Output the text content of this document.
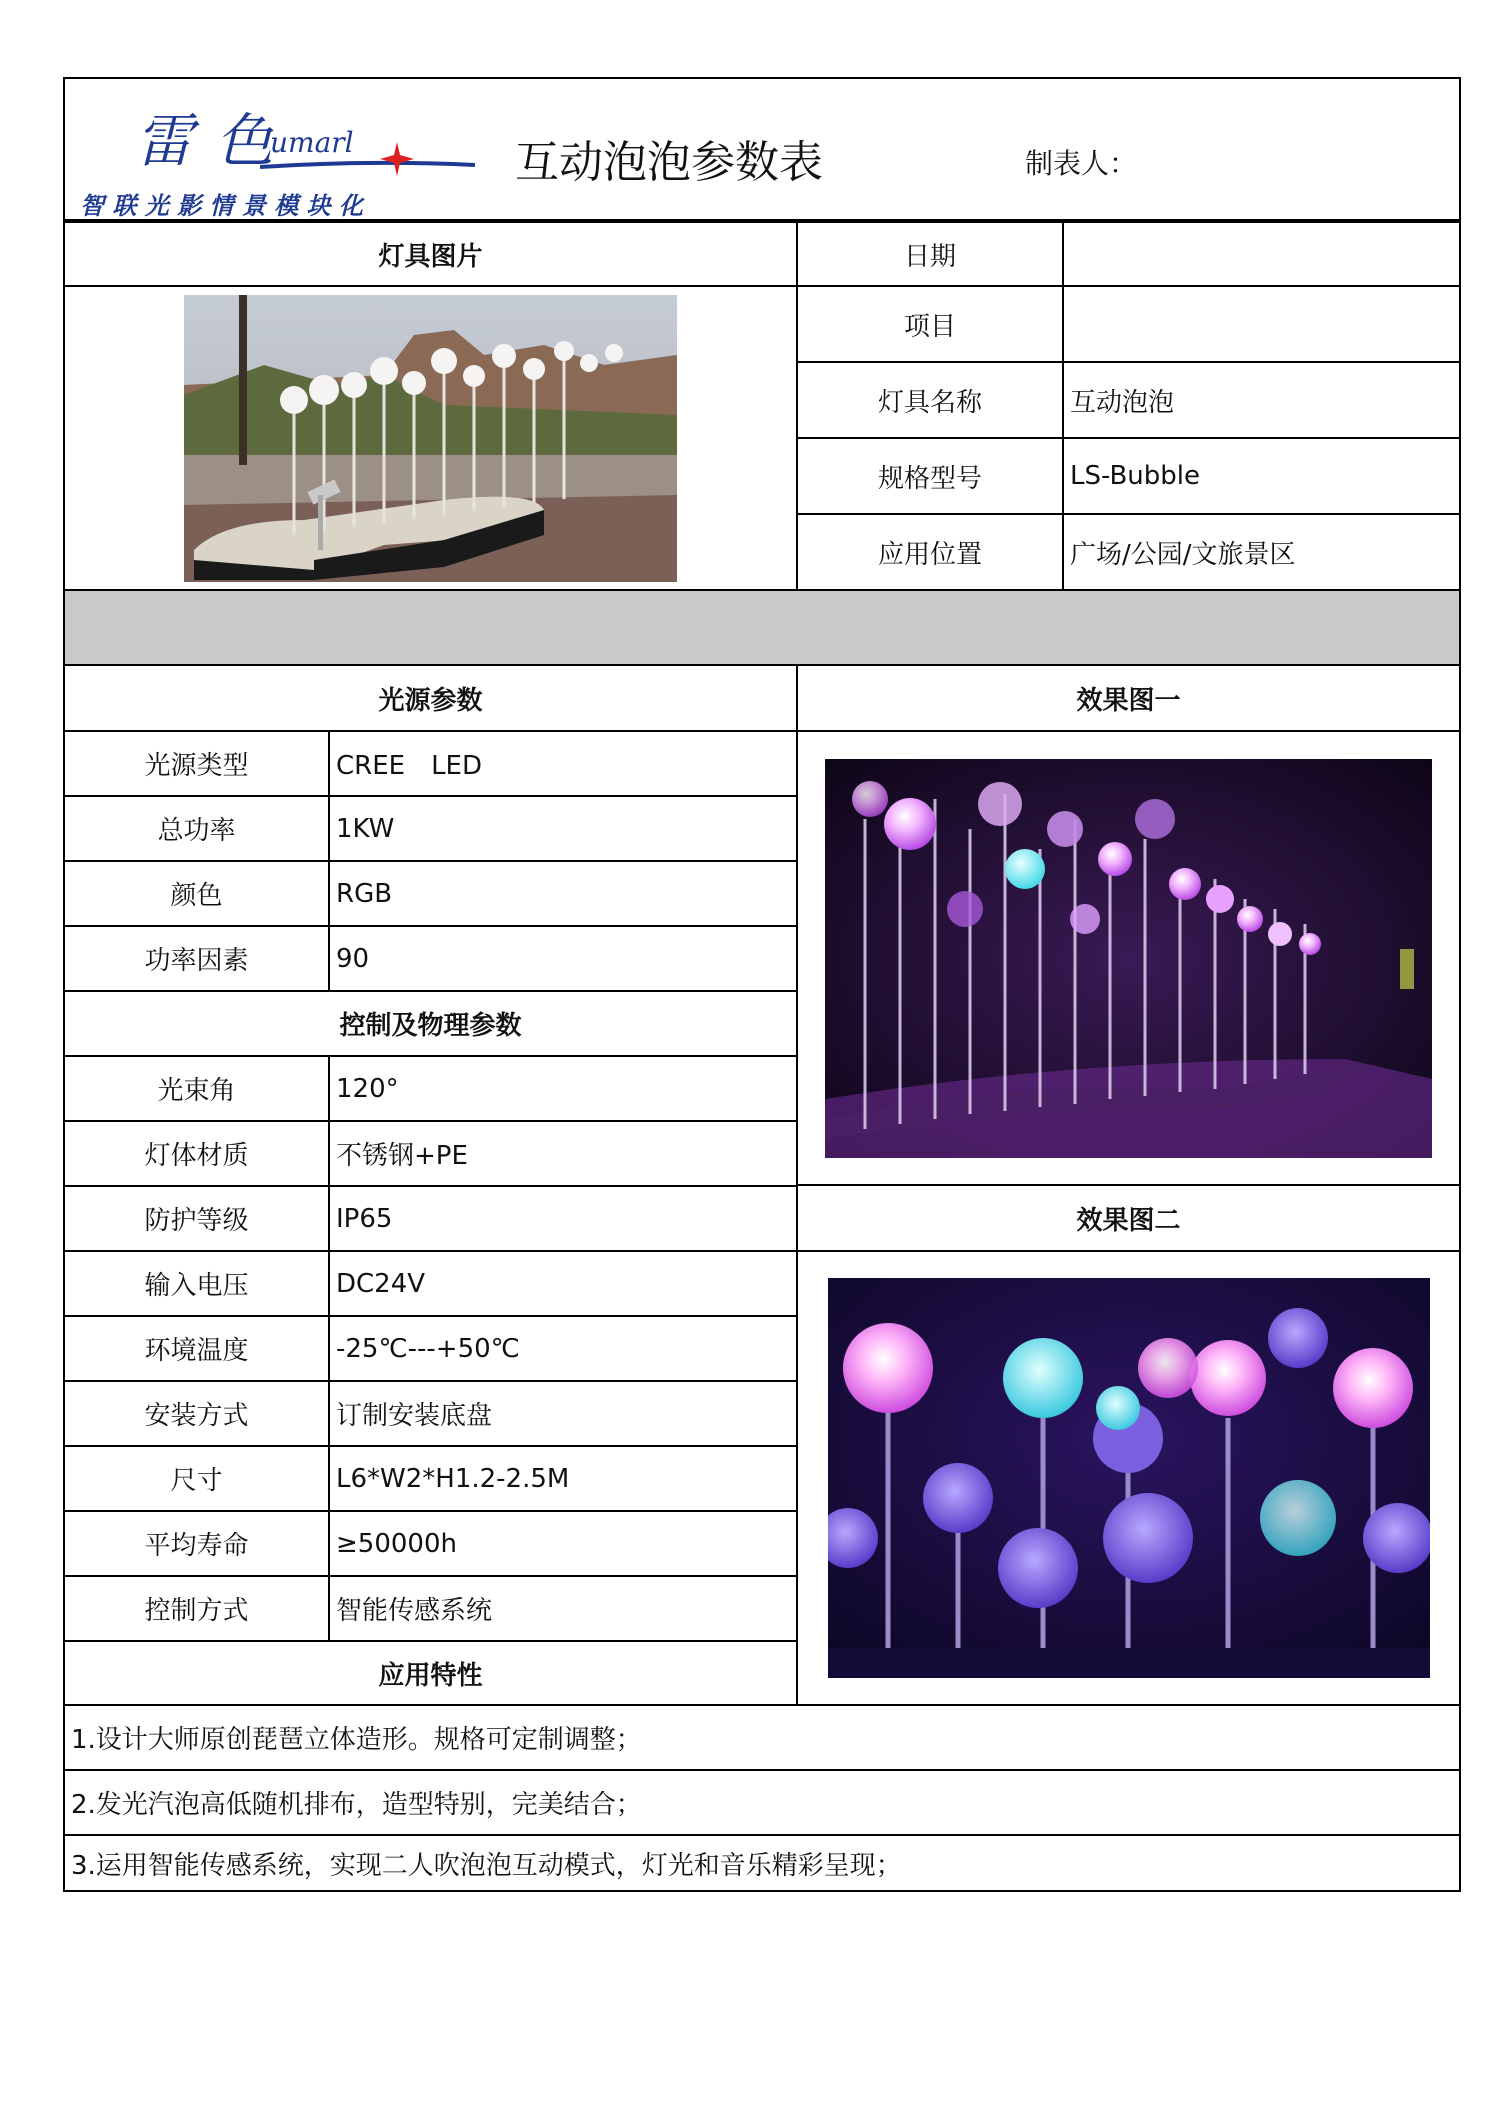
雷 色
umarl
智 联 光 影 情 景 模 块 化
互动泡泡参数表	制表人：
灯具图片	日期
项目
灯具名称	互动泡泡
规格型号	LS-Bubble
应用位置	广场/公园/文旅景区
光源参数	效果图一
光源类型	CREE　LED
总功率	1KW
颜色	RGB
功率因素	90
控制及物理参数
光束角	120°
灯体材质	不锈钢+PE
防护等级	IP65
输入电压	DC24V
环境温度	-25℃---+50℃
安装方式	订制安装底盘
尺寸	L6*W2*H1.2-2.5M
平均寿命	≥50000h
控制方式	智能传感系统
应用特性
效果图二
1.设计大师原创琵琶立体造形。规格可定制调整；
2.发光汽泡高低随机排布，造型特别，完美结合；
3.运用智能传感系统，实现二人吹泡泡互动模式，灯光和音乐精彩呈现；
